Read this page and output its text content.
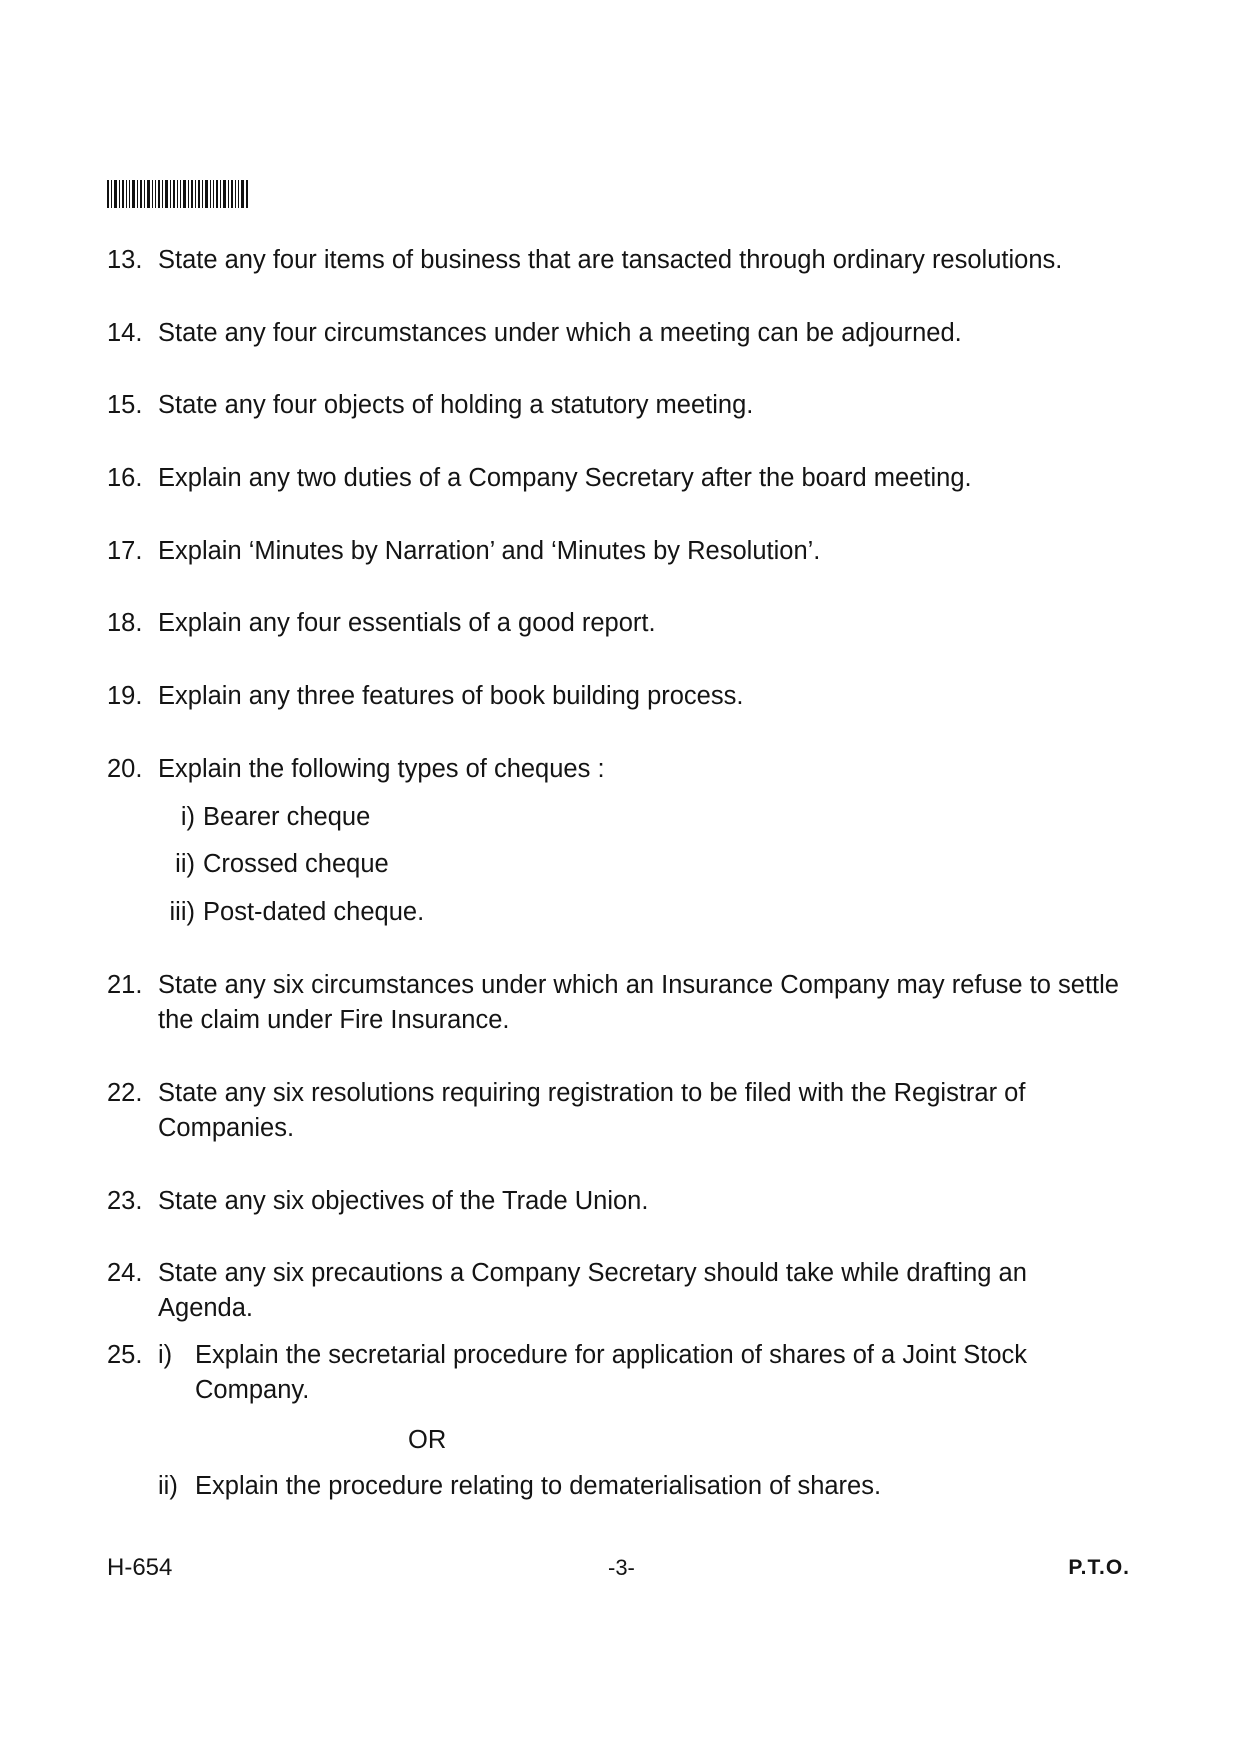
13. State any four items of business that are tansacted through ordinary resolutions.
14. State any four circumstances under which a meeting can be adjourned.
15. State any four objects of holding a statutory meeting.
16. Explain any two duties of a Company Secretary after the board meeting.
17. Explain ‘Minutes by Narration’ and ‘Minutes by Resolution’.
18. Explain any four essentials of a good report.
19. Explain any three features of book building process.
20. Explain the following types of cheques :
i) Bearer cheque
ii) Crossed cheque
iii) Post-dated cheque.
21. State any six circumstances under which an Insurance Company may refuse to settle the claim under Fire Insurance.
22. State any six resolutions requiring registration to be filed with the Registrar of Companies.
23. State any six objectives of the Trade Union.
24. State any six precautions a Company Secretary should take while drafting an Agenda.
25. i) Explain the secretarial procedure for application of shares of a Joint Stock Company.
OR
ii) Explain the procedure relating to dematerialisation of shares.
H-654	-3-	P.T.O.
